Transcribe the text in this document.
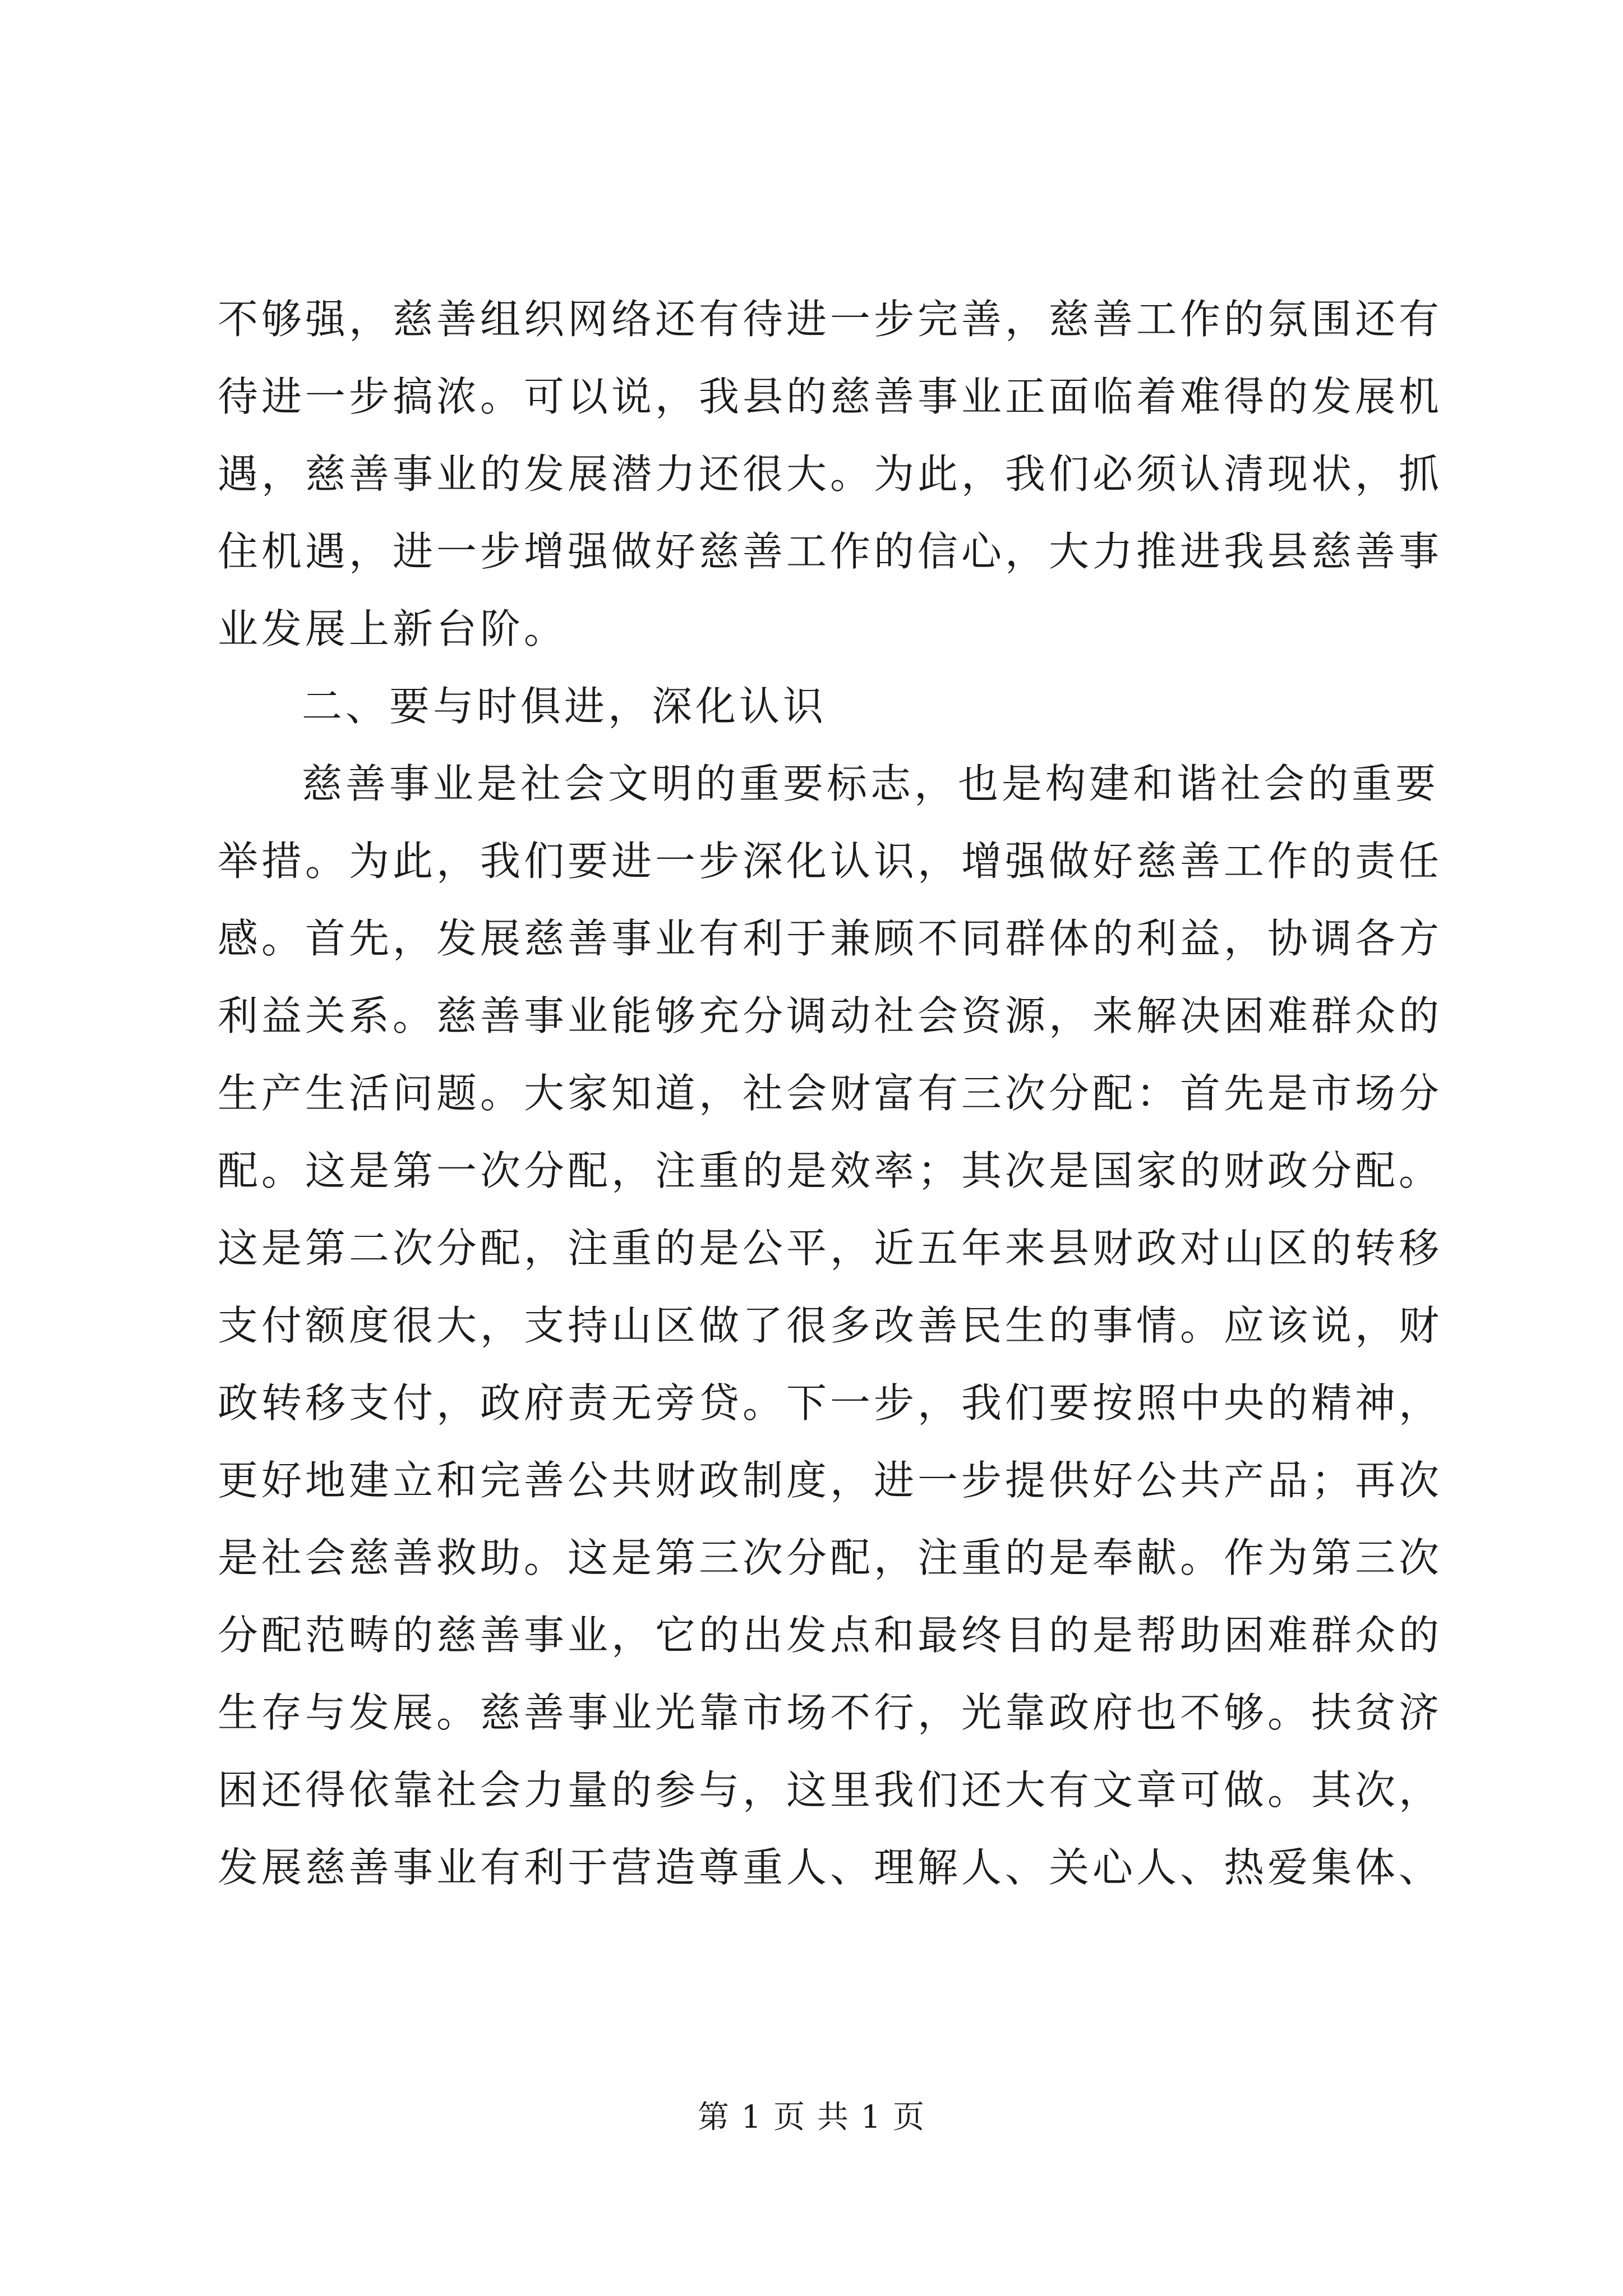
不够强，慈善组织网络还有待进一步完善，慈善工作的氛围还有
待进一步搞浓。可以说，我县的慈善事业正面临着难得的发展机
遇，慈善事业的发展潜力还很大。为此，我们必须认清现状，抓
住机遇，进一步增强做好慈善工作的信心，大力推进我县慈善事
业发展上新台阶。
二、要与时俱进，深化认识
慈善事业是社会文明的重要标志，也是构建和谐社会的重要
举措。为此，我们要进一步深化认识，增强做好慈善工作的责任
感。首先，发展慈善事业有利于兼顾不同群体的利益，协调各方
利益关系。慈善事业能够充分调动社会资源，来解决困难群众的
生产生活问题。大家知道，社会财富有三次分配：首先是市场分
配。这是第一次分配，注重的是效率；其次是国家的财政分配。
这是第二次分配，注重的是公平，近五年来县财政对山区的转移
支付额度很大，支持山区做了很多改善民生的事情。应该说，财
政转移支付，政府责无旁贷。下一步，我们要按照中央的精神，
更好地建立和完善公共财政制度，进一步提供好公共产品；再次
是社会慈善救助。这是第三次分配，注重的是奉献。作为第三次
分配范畴的慈善事业，它的出发点和最终目的是帮助困难群众的
生存与发展。慈善事业光靠市场不行，光靠政府也不够。扶贫济
困还得依靠社会力量的参与，这里我们还大有文章可做。其次，
发展慈善事业有利于营造尊重人、理解人、关心人、热爱集体、
第 1 页 共 1 页
